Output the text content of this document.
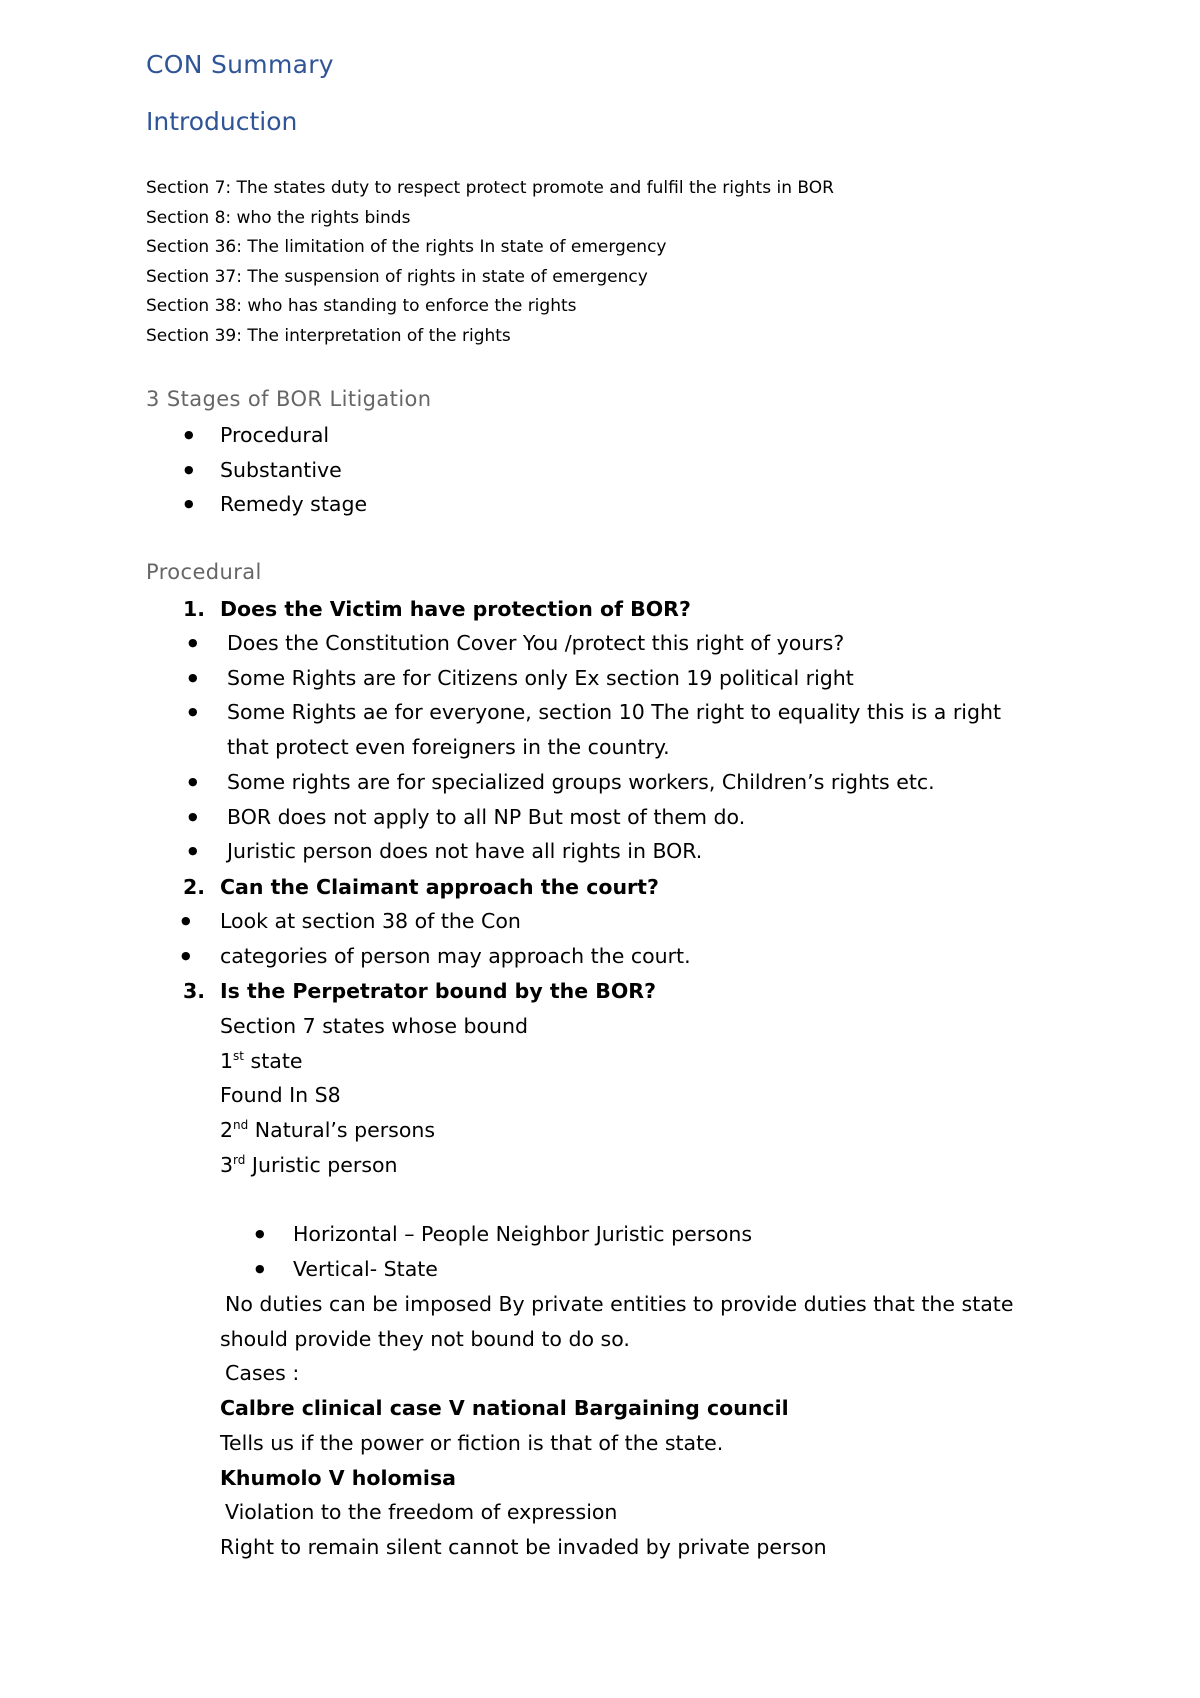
CON Summary
Introduction
Section 7: The states duty to respect protect promote and fulfil the rights in BOR
Section 8: who the rights binds
Section 36: The limitation of the rights In state of emergency
Section 37: The suspension of rights in state of emergency
Section 38: who has standing to enforce the rights
Section 39: The interpretation of the rights
3 Stages of BOR Litigation
● Procedural
● Substantive
● Remedy stage
Procedural

1. Does the Victim have protection of BOR?

● Does the Constitution Cover You /protect this right of yours?
● Some Rights are for Citizens only Ex section 19 political right
● Some Rights ae for everyone, section 10 The right to equality this is a right
that protect even foreigners in the country.
● Some rights are for specialized groups workers, Children’s rights etc.
● BOR does not apply to all NP But most of them do.
● Juristic person does not have all rights in BOR.

2. Can the Claimant approach the court?

● Look at section 38 of the Con
● categories of person may approach the court.

3. Is the Perpetrator bound by the BOR?

Section 7 states whose bound
1st state
Found In S8
2nd Natural’s persons
3rd Juristic person
● Horizontal – People Neighbor Juristic persons
● Vertical- State
No duties can be imposed By private entities to provide duties that the state
should provide they not bound to do so.
Cases :
Calbre clinical case V national Bargaining council
Tells us if the power or fiction is that of the state.
Khumolo V holomisa
Violation to the freedom of expression
Right to remain silent cannot be invaded by private person
